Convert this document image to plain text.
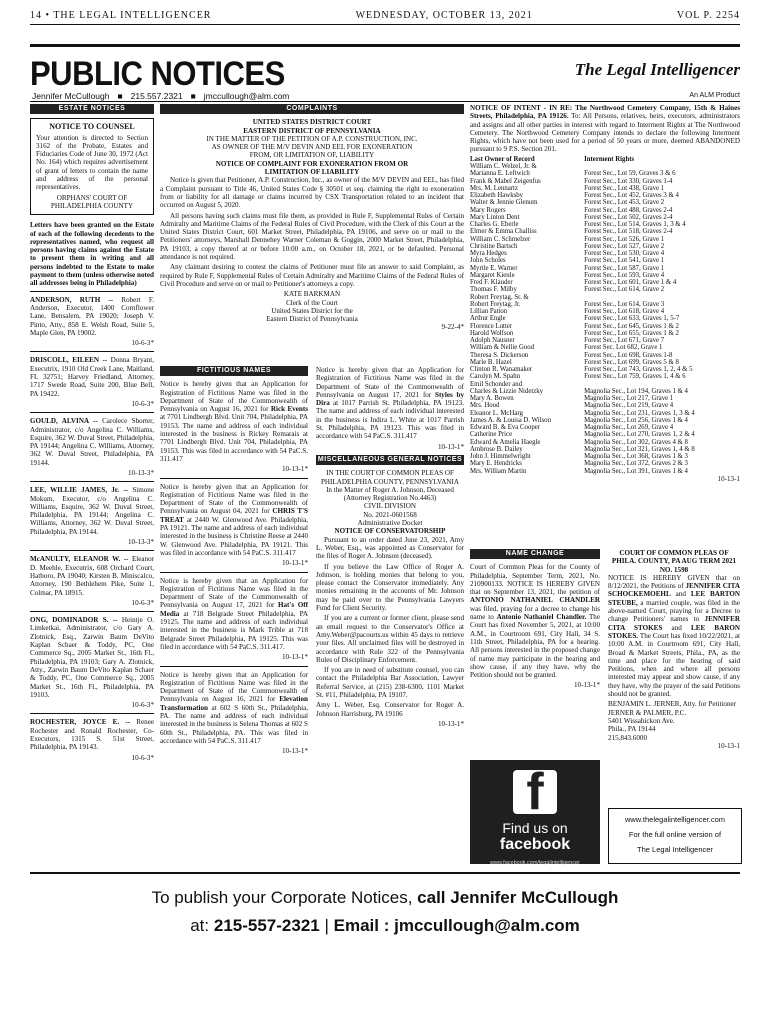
14 • THE LEGAL INTELLIGENCER	WEDNESDAY, OCTOBER 13, 2021	VOL P. 2254
PUBLIC NOTICES	The Legal Intelligencer
Jennifer McCullough ■ 215.557.2321 ■ jmccullough@alm.com	An ALM Product
ESTATE NOTICES
NOTICE TO COUNSEL

Your attention is directed to Section 3162 of the Probate, Estates and Fiduciaries Code of June 30, 1972 (Act No. 164) which requires advertisement of grant of letters to contain the name and address of the personal representatives.

ORPHANS' COURT OF PHILADELPHIA COUNTY

Letters have been granted on the Estate of each of the following decedents to the representatives named, who request all persons having claims against the Estate to present them in writing and all persons indebted to the Estate to make payment to them (unless otherwise noted all addresses being in Philadelphia)

ANDERSON, RUTH -- Robert F. Anderson, Executor, 1400 Cornflower Lane, Bensalem, PA 19020; Joseph V. Pinto, Atty., 858 E. Welsh Road, Suite 5, Maple Glen, PA 19002.

10-6-3*

DRISCOLL, EILEEN -- Donna Bryant, Executrix, 1910 Old Creek Lane, Maitland, FL 32751; Harvey Friedland, Attorney, 1717 Swede Road, Suite 200, Blue Bell, PA 19422.

10-6-3*

GOULD, ALVINA -- Carolece Shorter, Administrator, c/o Angelina C. Williams, Esquire, 362 W. Duval Street, Philadelphia, PA 19144; Angelina C. Williams, Attorney, 362 W. Duval Street, Philadelphia, PA 19144.

10-13-3*

LEE, WILLIE JAMES, Jr. -- Simone Mokum, Executor, c/o Angelina C. Williams, Esquire, 362 W. Duval Street, Philadelphia, PA 19144; Angelina C. Williams, Attorney, 362 W. Duval Street, Philadelphia, PA 19144.

10-13-3*

McANULTY, ELEANOR W. -- Eleanor D. Meehle, Executrix, 608 Orchard Court, Hatboro, PA 19040; Kirsten B. Miniscalco, Attorney, 190 Bethlehem Pike, Suite 1, Colmar, PA 18915.

10-6-3*

ONG, DOMINADOR S. -- Heintje O. Limketkai, Administrator, c/o Gary A. Zlotnick, Esq., Zarwin Baum DeVito Kaplan Schaer & Toddy, PC, One Commerce Sq., 2005 Market St., 16th Fl., Philadelphia, PA 19103; Gary A. Zlotnick, Atty., Zarwin Baum DeVito Kaplan Schaer & Toddy, PC, One Commerce Sq., 2005 Market St., 16th Fl., Philadelphia, PA 19103.

10-6-3*

ROCHESTER, JOYCE E. -- Renee Rochester and Ronald Rochester, Co-Executors, 1315 S. 51st Street, Philadelphia, PA 19143.

10-6-3*
COMPLAINTS
UNITED STATES DISTRICT COURT
EASTERN DISTRICT OF PENNSYLVANIA
IN THE MATTER OF THE PETITION OF A.P. CONSTRUCTION, INC.
AS OWNER OF THE M/V DEVIN AND EEL FOR EXONERATION
FROM, OR LIMITATION OF, LIABILITY
NOTICE OF COMPLAINT FOR EXONERATION FROM OR
LIMITATION OF LIABILITY

Notice is given that Petitioner, A.P. Construction, Inc., as owner of the M/V DEVIN and EEL, has filed a Complaint pursuant to Title 46, United States Code § 30501 et seq. claiming the right to exoneration from or liability for all damage or claims incurred by CSX Transportation related to an incident that occurred on August 5, 2020.

All persons having such claims must file them, as provided in Rule F, Supplemental Rules of Certain Admiralty and Maritime Claims of the Federal Rules of Civil Procedure, with the Clerk of this Court at the United States District Court, 601 Market Street, Philadelphia, PA 19106, and serve on or mail to the Petitioners' attorneys, Marshall Dennehey Warner Coleman & Goggin, 2000 Market Street, Philadelphia, PA 19103, a copy thereof at or before 10:00 a.m., on October 18, 2021, or be defaulted. Personal attendance is not required.

Any claimant desiring to contest the claims of Petitioner must file an answer to said Complaint, as required by Rule F, Supplemental Rules of Certain Admiralty and Maritime Claims of the Federal Rules of Civil Procedure and serve on or mail to Petitioner's attorneys a copy.

KATE BARKMAN
Clerk of the Court
United States District for the
Eastern District of Pennsylvania
9-22-4*
FICTITIOUS NAMES

Notice is hereby given that an Application for Registration of Fictitious Name was filed in the Department of State of the Commonwealth of Pennsylvania on August 16, 2021 for Rick Events at 7701 Lindbergh Blvd. Unit 704, Philadelphia, PA 19153. The name and address of each individual interested in the business is Rickey Remarais at 7701 Lindbergh Blvd. Unit 704, Philadelphia, PA 19153. This was filed in accordance with 54 PaC.S. 311.417

10-13-1*

Notice is hereby given that an Application for Registration of Fictitious Name was filed in the Department of State of the Commonwealth of Pennsylvania on August 04, 2021 for CHRIS T'S TREAT at 2440 W. Glenwood Ave. Philadelphia, PA 19121. The name and address of each individual interested in the business is Christine Reese at 2440 W. Glenwood Ave. Philadelphia, PA 19121. This was filed in accordance with 54 PaC.S. 311.417

10-13-1*

Notice is hereby given that an Application for Registration of Fictitious Name was filed in the Department of State of the Commonwealth of Pennsylvania on August 17, 2021 for Hat's Off Media at 718 Belgrade Street Philadelphia, PA 19125. The name and address of each individual interested in the business is Mark Trible at 718 Belgrade Street Philadelphia, PA 19125. This was filed in accordance with 54 PaC.S. 311.417.

10-13-1*

Notice is hereby given that an Application for Registration of Fictitious Name was filed in the Department of State of the Commonwealth of Pennsylvania on August 16, 2021 for Elevation Transformation at 602 S 60th St., Philadelphia, PA. The name and address of each individual interested in the business is Selena Thomas at 602 S 60th St., Philadelphia, PA. This was filed in accordance with 54 PaC.S. 311.417

10-13-1*

Notice is hereby given that an Application for Registration of Fictitious Name was filed in the Department of State of the Commonwealth of Pennsylvania on August 17, 2021 for Styles by Dira at 1017 Parrish St. Philadelphia, PA 19123. The name and address of each individual interested in the business is Indira L. White at 1017 Parrish St. Philadelphia, PA 19123. This was filed in accordance with 54 PaC.S. 311.417

10-13-1*
MISCELLANEOUS GENERAL NOTICES
IN THE COURT OF COMMON PLEAS OF PHILADELPHIA COUNTY, PENNSYLVANIA
In the Matter of Roger A. Johnson, Deceased
(Attorney Registration No.4463)
CIVIL DIVISION
No. 2021-0601568
Administrative Docket
NOTICE OF CONSERVATORSHIP

Pursuant to an order dated June 23, 2021, Amy L. Weber, Esq., was appointed as Conservator for the files of Roger A. Johnson (deceased).

If you believe the Law Office of Roger A. Johnson, is holding monies that belong to you, please contact the Conservator immediately. Any monies remaining in the accounts of Mr. Johnson may be paid over to the Pennsylvania Lawyers Fund for Client Security.

If you are a current or former client, please send an email request to the Conservator's Office at Amy.Weber@pacourts.us within 45 days to retrieve your files. All unclaimed files will be destroyed in accordance with Rule 322 of the Pennsylvania Rules of Disciplinary Enforcement.

If you are in need of substitute counsel, you can contact the Philadelphia Bar Association, Lawyer Referral Service, at (215) 238-6300, 1101 Market St. #11, Philadelphia, PA 19107.

Amy L. Weber, Esq. Conservator for Roger A. Johnson Harrisburg, PA 19106

10-13-1*

NOTICE OF INTENT - IN RE: The Northwood Cemetery Company, 15th & Haines Streets, Philadelphia, PA 19126. To: All Persons, relatives, heirs, executors, administrators and assigns and all other parties in interest with regard to Interment Rights at The Northwood Cemetery. The Northwood Cemetery Company intends to declare the following Interment Rights, which have not been used for a period of 50 years or more, deemed ABANDONED pursuant to 9 P.S. Section 201.

Last Owner of Record	Interment Rights
William C. Welzel, Jr. &	
Marianna E. Leftwich	Forest Sec., Lot 59, Graves 3 & 6
Frank & Mabel Zeigenfus	Forest Sec., Lot 330, Graves 1-4
Mrs. M. Lennartz	Forest Sec., Lot 438, Grave 1
Elizabeth Hawksby	Forest Sec., Lot 452, Graves 3 & 4
Walter & Jennie Glenum	Forest Sec., Lot 453, Grave 2
Mary Rogers	Forest Sec., Lot 488, Graves 2-4
Mary Linton Dent	Forest Sec., Lot 502, Graves 2-4
Charles G. Eberle	Forest Sec., Lot 514, Graves 1, 3 & 4
Elmer & Emma Challiss	Forest Sec., Lot 518, Graves 2-4
William C. Schmelzer	Forest Sec., Lot 526, Grave 1
Christine Bartsch	Forest Sec., Lot 527, Grave 2
Myra Hedges	Forest Sec., Lot 530, Grave 4
John Scholes	Forest Sec., Lot 541, Grave 1
Myrtle E. Warner	Forest Sec., Lot 587, Grave 1
Margaret Kienle	Forest Sec., Lot 593, Grave 4
Fred F. Klauder	Forest Sec., Lot 601, Grave 1 & 4
Thomas F. Milby	Forest Sec., Lot 614, Grave 2
Robert Freytag, Sr. &	
Robert Freytag, Jr.	Forest Sec., Lot 614, Grave 3
Lillian Patton	Forest Sec., Lot 618, Grave 4
Arthur Engle	Forest Sec., Lot 633, Graves 1, 5-7
Florence Lutter	Forest Sec., Lot 645, Graves 1 & 2
Harold Wolfson	Forest Sec., Lot 655, Graves 1 & 2
Adolph Nausner	Forest Sec., Lot 671, Grave 7
William & Nellie Good	Forest Sec. Lot 682, Grave 1
Theresa S. Dickerson	Forest Sec., Lot 698, Graves 1-8
Marie B. Hazel	Forest Sec., Lot 699, Graves 5 & 8
Clinton R. Wanamaker	Forest Sec., Lot 743, Graves 1, 2, 4 & 5
Carolyn M. Spahn	Forest Sec., Lot 759, Graves 1, 4 & 6
Emil Schonder and	
Charles & Lizzie Nidetzky	Magnolia Sec., Lot 194, Graves 1 & 4
Mary A. Bowen	Magnolia Sec., Lot 217, Grave 1
Mrs. Hood	Magnolia Sec., Lot 219, Grave 4
Eleanor L. McHarg	Magnolia Sec., Lot 231, Graves 1, 3 & 4
James A. & Louisa D. Wilson	Magnolia Sec., Lot 256, Graves 1 & 4
Edward B. & Eva Cooper	Magnolia Sec., Lot 269, Grave 4
Catherine Price	Magnolia Sec., Lot 270, Graves 1, 2 & 4
Edward & Amelia Haegle	Magnolia Sec., Lot 302, Graves 4 & 8
Ambrose B. Dailey	Magnolia Sec., Lot 321, Graves 1, 4 & 8
John J. Himmelwright	Magnolia Sec., Lot 368, Graves 1 & 3
Mary E. Hendricks	Magnolia Sec., Lot 372, Graves 2 & 3
Mrs. William Martin	Magnolia Sec., Lot 391, Graves 1 & 4
10-13-1
NAME CHANGE

Court of Common Pleas for the County of Philadelphia, September Term, 2021, No. 210900133. NOTICE IS HEREBY GIVEN that on September 13, 2021, the petition of ANTONIO NATHANIEL CHANDLER was filed, praying for a decree to change his name to Antonio Nathaniel Chandler. The Court has fixed November 5, 2021, at 10:00 A.M., in Courtroom 691, City Hall, 34 S. 11th Street, Philadelphia, PA for a hearing. All persons interested in the proposed change of name may participate in the hearing and show cause, if any they have, why the Petition should not be granted.

10-13-1*
COURT OF COMMON PLEAS OF PHILA. COUNTY, PA AUG TERM 2021 NO. 1598

NOTICE IS HEREBY GIVEN that on 8/12/2021, the Petitions of JENNIFER CITA SCHOCKEMOEHL and LEE BARTON STEUBE, a married couple, was filed in the above-named Court, praying for a Decree to change Petitioners' names to JENNIFER CITA STOKES and LEE BARON STOKES. The Court has fixed 10/22/2021, at 10:00 A.M. in Courtroom 691, City Hall, Broad & Market Streets, Phila., PA, as the time and place for the hearing of said Petitions, when and where all persons interested may appear and show cause, if any they have, why the prayer of the said Petitions should not be granted.

BENJAMIN L. JERNER, Atty. for Petitioner
JERNER & PALMER, P.C.
5401 Wissahickon Ave.
Phila., PA 19144
215.843.6000
10-13-1
f
Find us on
facebook
www.facebook.com/legalintelligencer
www.thelegalintelligencer.com
For the full online version of
The Legal Intelligencer
To publish your Corporate Notices, call Jennifer McCullough
at: 215-557-2321 | Email : jmccullough@alm.com
